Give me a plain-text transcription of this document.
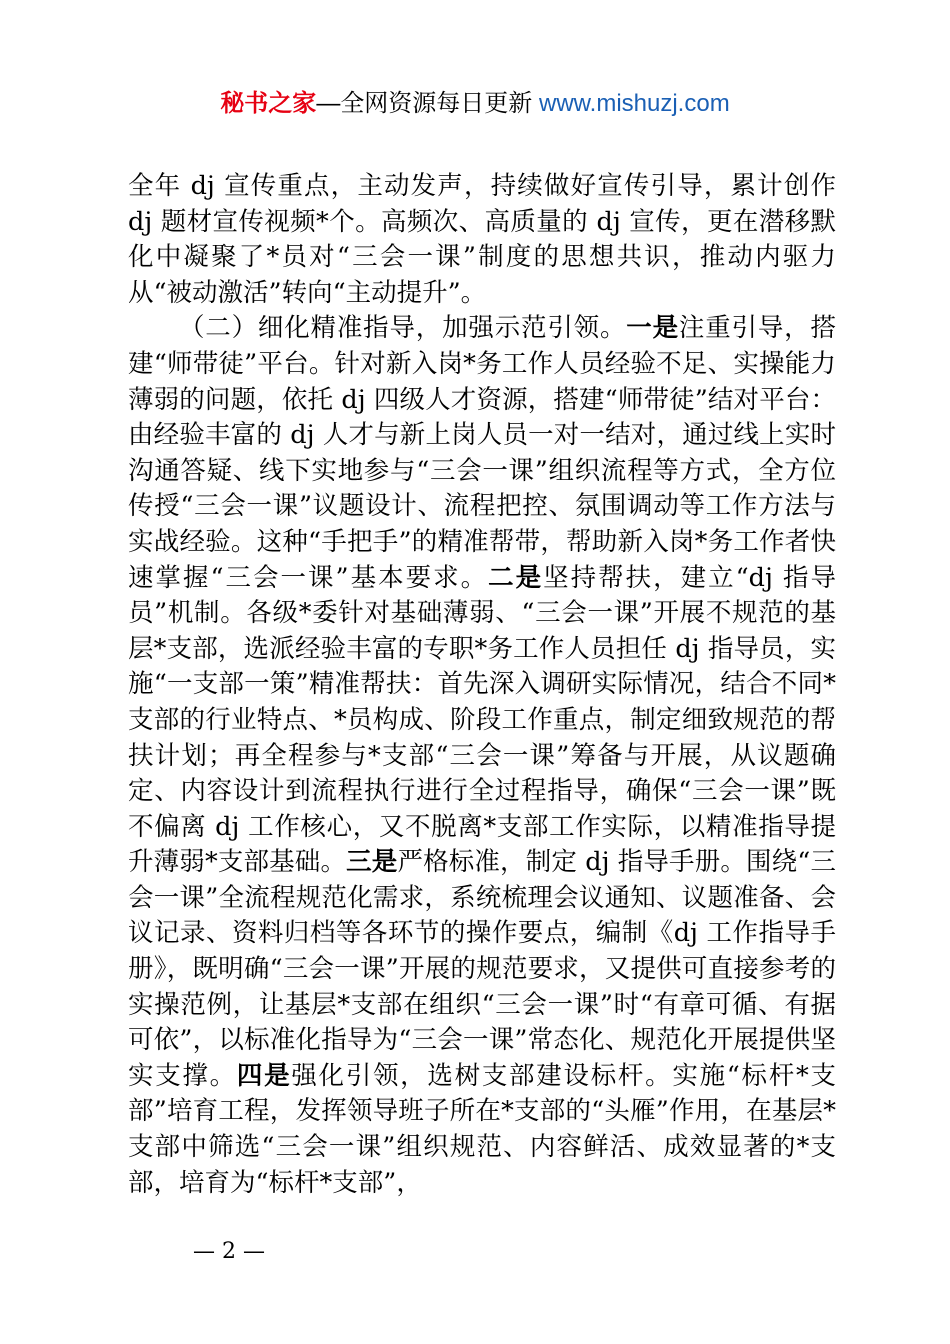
秘书之家—全网资源每日更新 www.mishuzj.com

全年 dj 宣传重点，主动发声，持续做好宣传引导，累计创作 dj 题材宣传视频*个。高频次、高质量的 dj 宣传，更在潜移默化中凝聚了*员对“三会一课”制度的思想共识，推动内驱力从“被动激活”转向“主动提升”。

（二）细化精准指导，加强示范引领。一是注重引导，搭建“师带徒”平台。针对新入岗*务工作人员经验不足、实操能力薄弱的问题，依托 dj 四级人才资源，搭建“师带徒”结对平台：由经验丰富的 dj 人才与新上岗人员一对一结对，通过线上实时沟通答疑、线下实地参与“三会一课”组织流程等方式，全方位传授“三会一课”议题设计、流程把控、氛围调动等工作方法与实战经验。这种“手把手”的精准帮带，帮助新入岗*务工作者快速掌握“三会一课”基本要求。二是坚持帮扶，建立“dj 指导员”机制。各级*委针对基础薄弱、“三会一课”开展不规范的基层*支部，选派经验丰富的专职*务工作人员担任 dj 指导员，实施“一支部一策”精准帮扶：首先深入调研实际情况，结合不同*支部的行业特点、*员构成、阶段工作重点，制定细致规范的帮扶计划；再全程参与*支部“三会一课”筹备与开展，从议题确定、内容设计到流程执行进行全过程指导，确保“三会一课”既不偏离 dj 工作核心，又不脱离*支部工作实际，以精准指导提升薄弱*支部基础。三是严格标准，制定 dj 指导手册。围绕“三会一课”全流程规范化需求，系统梳理会议通知、议题准备、会议记录、资料归档等各环节的操作要点，编制《dj 工作指导手册》，既明确“三会一课”开展的规范要求，又提供可直接参考的实操范例，让基层*支部在组织“三会一课”时“有章可循、有据可依”，以标准化指导为“三会一课”常态化、规范化开展提供坚实支撑。四是强化引领，选树支部建设标杆。实施“标杆*支部”培育工程，发挥领导班子所在*支部的“头雁”作用，在基层*支部中筛选“三会一课”组织规范、内容鲜活、成效显著的*支部，培育为“标杆*支部”，

— 2 —
